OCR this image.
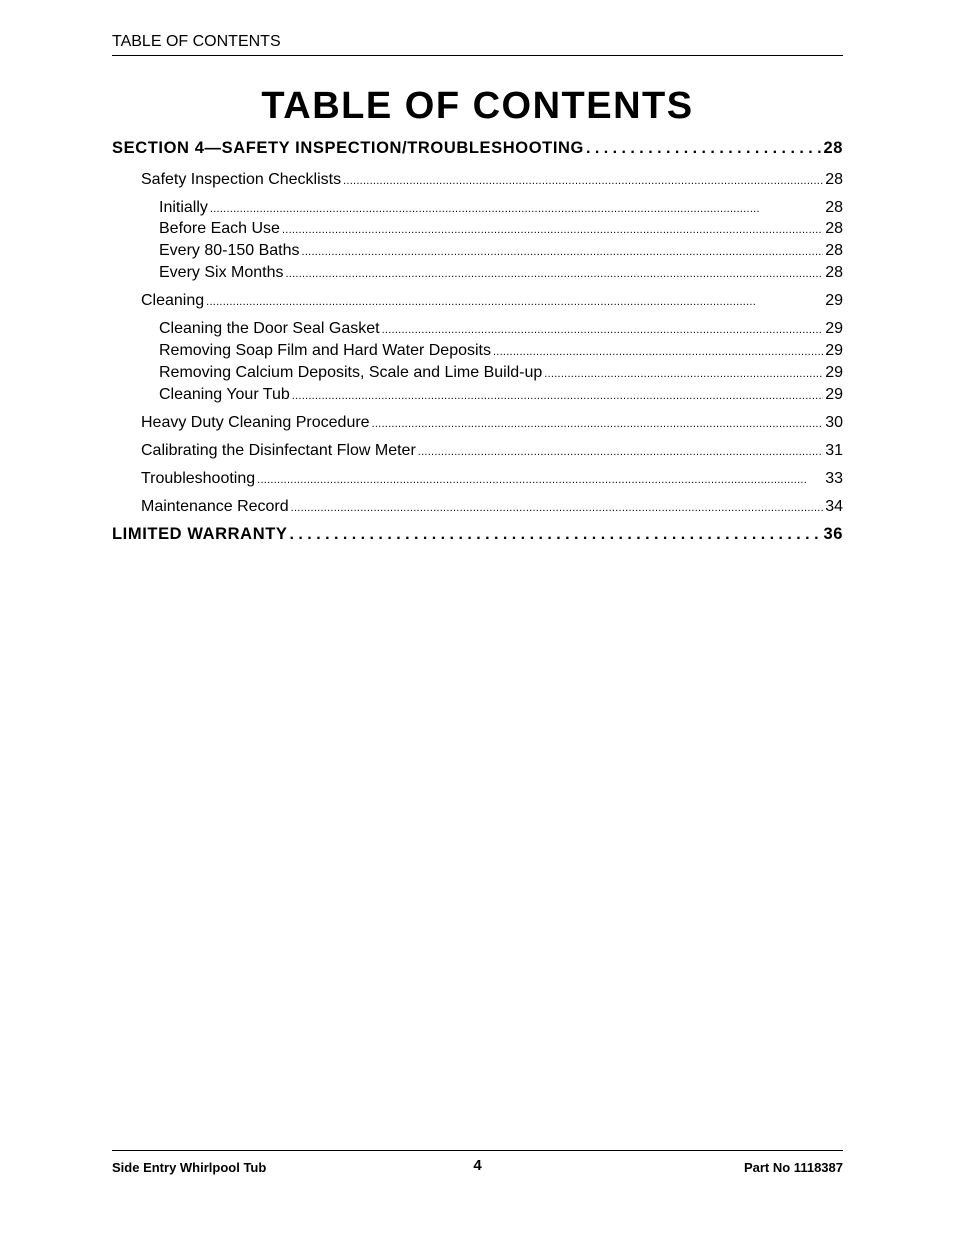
TABLE OF CONTENTS
TABLE OF CONTENTS
SECTION 4—SAFETY INSPECTION/TROUBLESHOOTING . . .	28
Safety Inspection Checklists . . .	28
Initially . . .	28
Before Each Use . . .	28
Every 80-150 Baths . . .	28
Every Six Months . . .	28
Cleaning . . .	29
Cleaning the Door Seal Gasket . . .	29
Removing Soap Film and Hard Water Deposits . . .	29
Removing Calcium Deposits, Scale and Lime Build-up . . .	29
Cleaning Your Tub . . .	29
Heavy Duty Cleaning Procedure . . .	30
Calibrating the Disinfectant Flow Meter . . .	31
Troubleshooting . . .	33
Maintenance Record . . .	34
LIMITED WARRANTY . . .	36
Side Entry Whirlpool Tub	4	Part No 1118387
